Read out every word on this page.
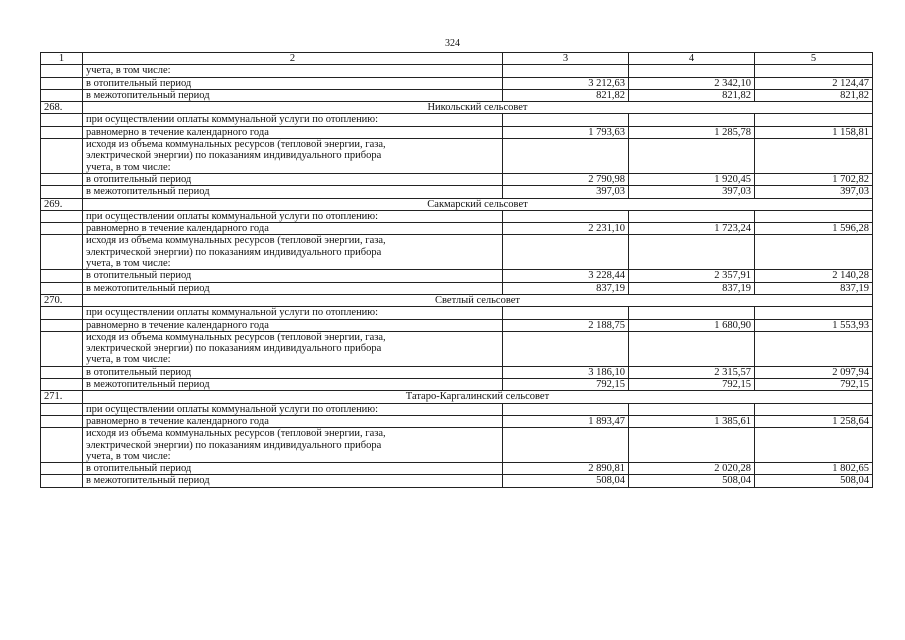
324
1	2	3	4	5
	учета, в том числе:			
	в отопительный период	3 212,63	2 342,10	2 124,47
	в межотопительный период	821,82	821,82	821,82
268.	Никольский сельсовет			
	при осуществлении оплаты коммунальной услуги по отоплению:			
	равномерно в течение календарного года	1 793,63	1 285,78	1 158,81

	исходя из объема коммунальных ресурсов (тепловой энергии, газа,
электрической энергии) по показаниям индивидуального прибора
учета, в том числе:			

	в отопительный период	2 790,98	1 920,45	1 702,82
	в межотопительный период	397,03	397,03	397,03
269.	Сакмарский сельсовет			
	при осуществлении оплаты коммунальной услуги по отоплению:			
	равномерно в течение календарного года	2 231,10	1 723,24	1 596,28

	исходя из объема коммунальных ресурсов (тепловой энергии, газа,
электрической энергии) по показаниям индивидуального прибора
учета, в том числе:			

	в отопительный период	3 228,44	2 357,91	2 140,28
	в межотопительный период	837,19	837,19	837,19
270.	Светлый сельсовет			
	при осуществлении оплаты коммунальной услуги по отоплению:			
	равномерно в течение календарного года	2 188,75	1 680,90	1 553,93

	исходя из объема коммунальных ресурсов (тепловой энергии, газа,
электрической энергии) по показаниям индивидуального прибора
учета, в том числе:			

	в отопительный период	3 186,10	2 315,57	2 097,94
	в межотопительный период	792,15	792,15	792,15
271.	Татаро-Каргалинский сельсовет			
	при осуществлении оплаты коммунальной услуги по отоплению:			
	равномерно в течение календарного года	1 893,47	1 385,61	1 258,64

	исходя из объема коммунальных ресурсов (тепловой энергии, газа,
электрической энергии) по показаниям индивидуального прибора
учета, в том числе:			

	в отопительный период	2 890,81	2 020,28	1 802,65
	в межотопительный период	508,04	508,04	508,04
